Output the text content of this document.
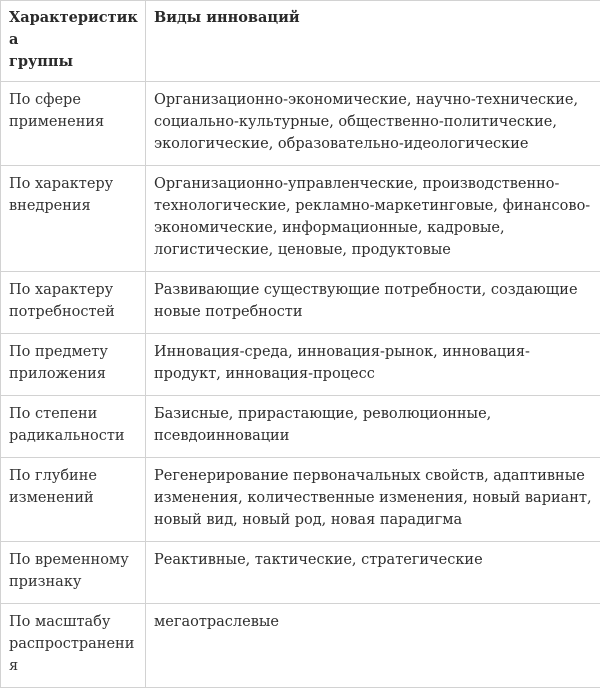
Характеристика
группы	Виды инноваций
По сфере
применения	Организационно-экономические, научно-технические,
социально-культурные, общественно-политические,
экологические, образовательно-идеологические
По характеру
внедрения	Организационно-управленческие, производственно-
технологические, рекламно-маркетинговые, финансово-
экономические, информационные, кадровые,
логистические, ценовые, продуктовые
По характеру
потребностей	Развивающие существующие потребности, создающие
новые потребности
По предмету
приложения	Инновация-среда, инновация-рынок, инновация-
продукт, инновация-процесс
По степени
радикальности	Базисные, прирастающие, революционные,
псевдоинновации
По глубине
изменений	Регенерирование первоначальных свойств, адаптивные
изменения, количественные изменения, новый вариант,
новый вид, новый род, новая парадигма
По временному
признаку	Реактивные, тактические, стратегические
По масштабу
распространения	мегаотраслевые
